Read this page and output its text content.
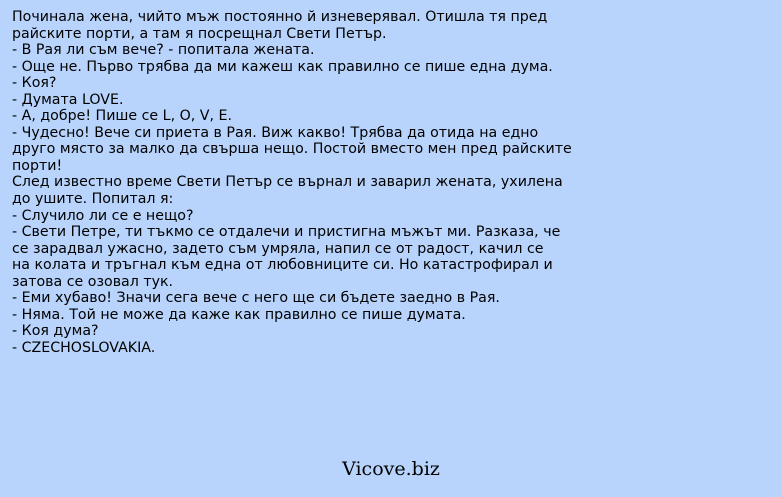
Починала жена, чийто мъж постоянно й изневерявал. Отишла тя пред
райските порти, а там я посрещнал Свети Петър.
- В Рая ли съм вече? - попитала жената.
- Още не. Първо трябва да ми кажеш как правилно се пише една дума.
- Коя?
- Думата LOVE.
- А, добре! Пише се L, O, V, E.
- Чудесно! Вече си приета в Рая. Виж какво! Трябва да отида на едно
друго място за малко да свърша нещо. Постой вместо мен пред райските
порти!
След известно време Свети Петър се върнал и заварил жената, ухилена
до ушите. Попитал я:
- Случило ли се е нещо?
- Свети Петре, ти тъкмо се отдалечи и пристигна мъжът ми. Разказа, че
се зарадвал ужасно, задето съм умряла, напил се от радост, качил се
на колата и тръгнал към една от любовниците си. Но катастрофирал и
затова се озовал тук.
- Еми хубаво! Значи сега вече с него ще си бъдете заедно в Рая.
- Няма. Той не може да каже как правилно се пише думата.
- Коя дума?
- CZECHOSLOVAKIA.
Vicove.biz
